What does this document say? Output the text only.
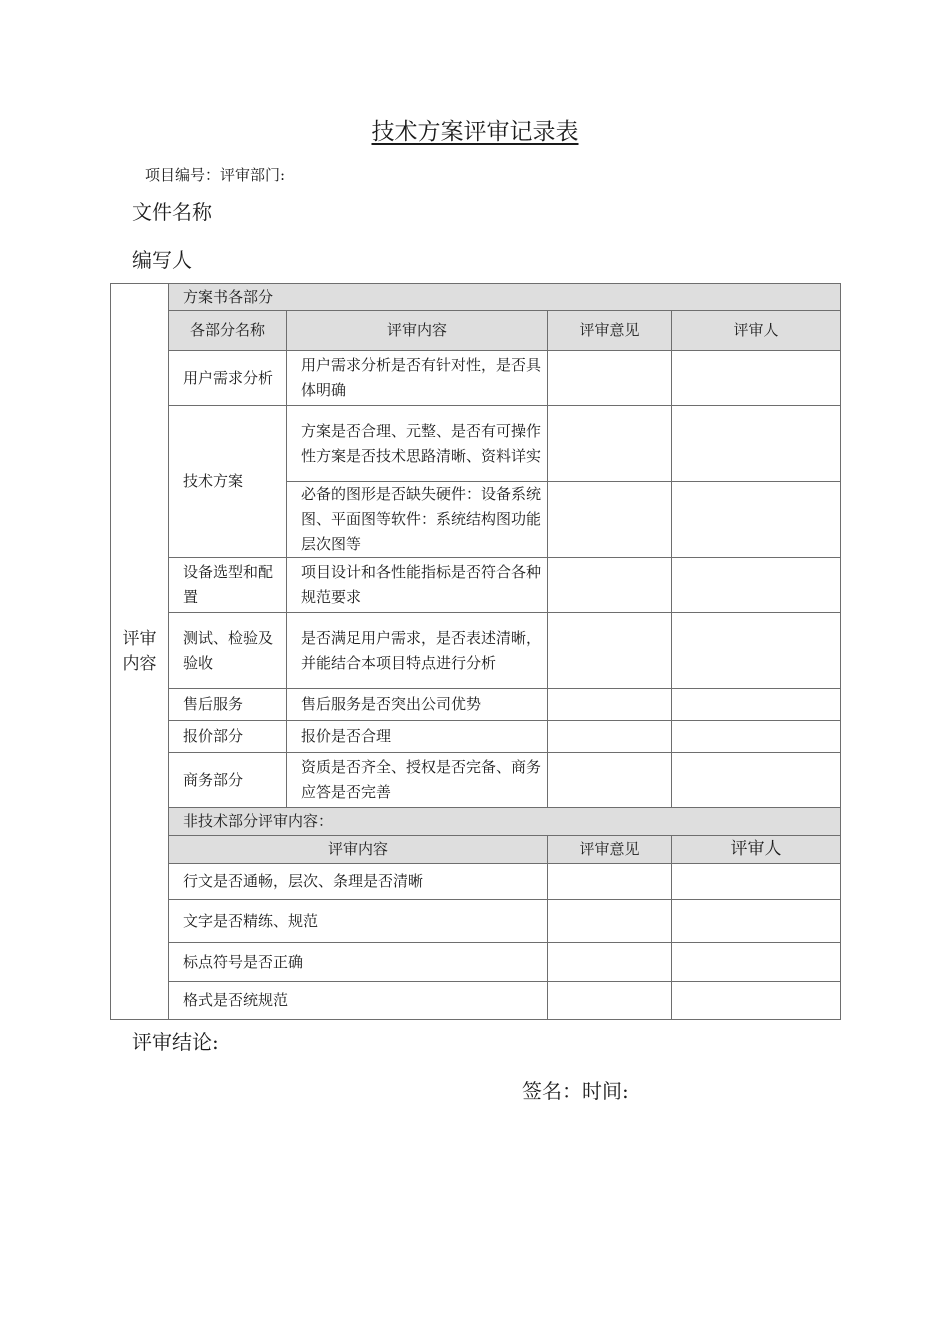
技术方案评审记录表
项目编号：评审部门:
文件名称
编写人
评审
内容	方案书各部分			
	各部分名称	评审内容	评审意见	评审人
	用户需求分析	用户需求分析是否有针对性，是否具体明确		
	技术方案	方案是否合理、元整、是否有可操作性方案是否技术思路清晰、资料详实		
		必备的图形是否缺失硬件：设备系统图、平面图等软件：系统结构图功能层次图等		
	设备选型和配置	项目设计和各性能指标是否符合各种规范要求		
	测试、检验及验收	是否满足用户需求，是否表述清晰，并能结合本项目特点进行分析		
	售后服务	售后服务是否突出公司优势		
	报价部分	报价是否合理		
	商务部分	资质是否齐全、授权是否完备、商务应答是否完善		
	非技术部分评审内容：			
	评审内容		评审意见	评审人
	行文是否通畅，层次、条理是否清晰			
	文字是否精练、规范			
	标点符号是否正确			
	格式是否统规范			
评审结论:
签名：时间:
